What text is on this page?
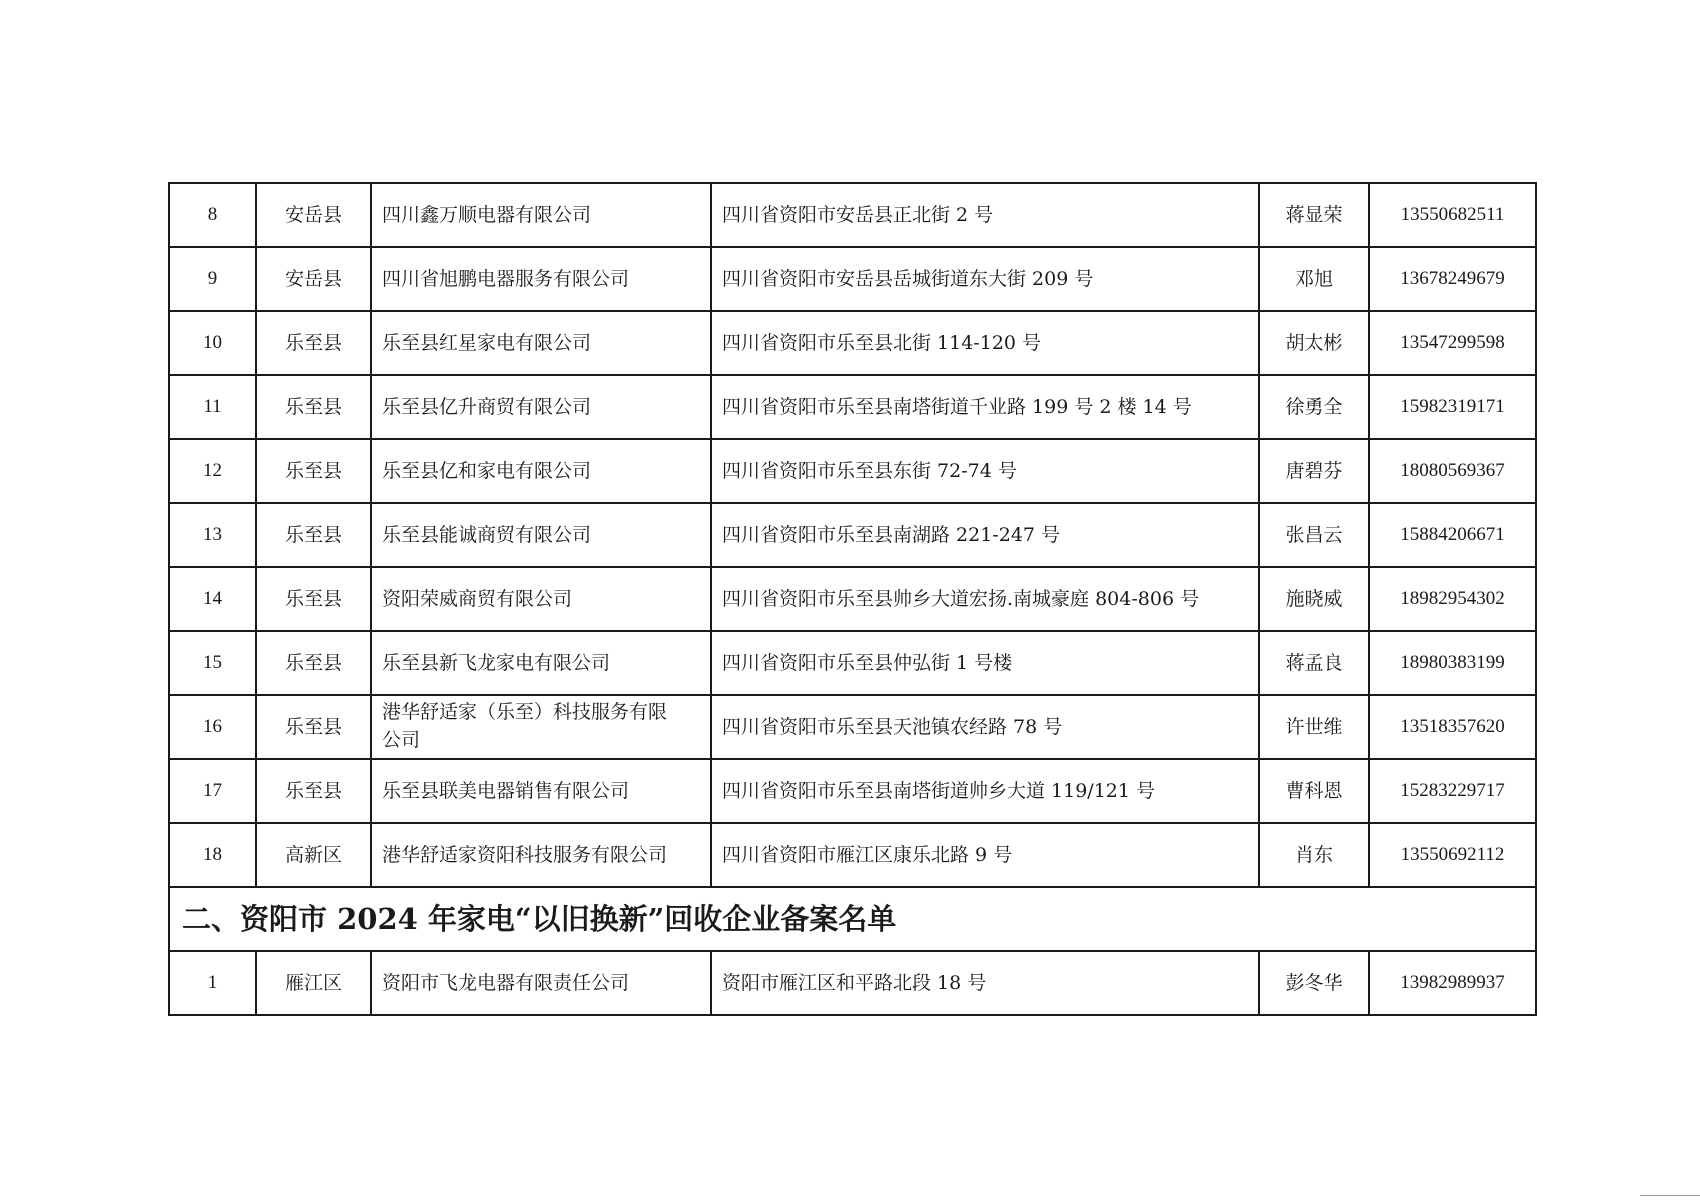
8	安岳县	四川鑫万顺电器有限公司	四川省资阳市安岳县正北街 2 号	蒋显荣	13550682511
9	安岳县	四川省旭鹏电器服务有限公司	四川省资阳市安岳县岳城街道东大街 209 号	邓旭	13678249679
10	乐至县	乐至县红星家电有限公司	四川省资阳市乐至县北街 114-120 号	胡太彬	13547299598
11	乐至县	乐至县亿升商贸有限公司	四川省资阳市乐至县南塔街道千业路 199 号 2 楼 14 号	徐勇全	15982319171
12	乐至县	乐至县亿和家电有限公司	四川省资阳市乐至县东街 72-74 号	唐碧芬	18080569367
13	乐至县	乐至县能诚商贸有限公司	四川省资阳市乐至县南湖路 221-247 号	张昌云	15884206671
14	乐至县	资阳荣威商贸有限公司	四川省资阳市乐至县帅乡大道宏扬.南城豪庭 804-806 号	施晓威	18982954302
15	乐至县	乐至县新飞龙家电有限公司	四川省资阳市乐至县仲弘街 1 号楼	蒋孟良	18980383199
16	乐至县	港华舒适家（乐至）科技服务有限
公司	四川省资阳市乐至县天池镇农经路 78 号	许世维	13518357620
17	乐至县	乐至县联美电器销售有限公司	四川省资阳市乐至县南塔街道帅乡大道 119/121 号	曹科恩	15283229717
18	高新区	港华舒适家资阳科技服务有限公司	四川省资阳市雁江区康乐北路 9 号	肖东	13550692112
二、资阳市 2024 年家电“以旧换新”回收企业备案名单					
1	雁江区	资阳市飞龙电器有限责任公司	资阳市雁江区和平路北段 18 号	彭冬华	13982989937
